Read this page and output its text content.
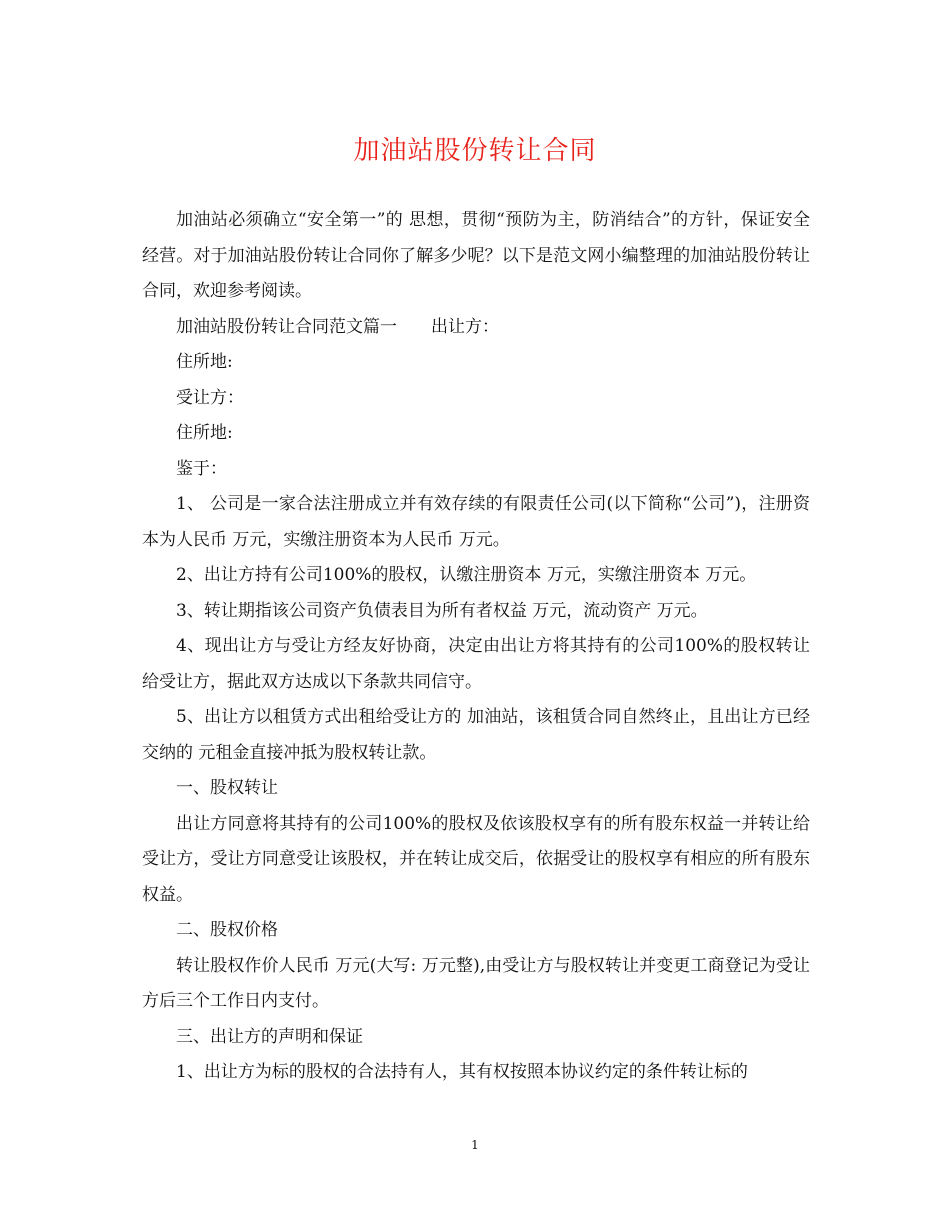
加油站股份转让合同

加油站必须确立“安全第一”的 思想，贯彻“预防为主，防消结合”的方针，保证安全经营。对于加油站股份转让合同你了解多少呢？以下是范文网小编整理的加油站股份转让合同，欢迎参考阅读。

加油站股份转让合同范文篇一　　出让方：

住所地:

受让方：

住所地:

鉴于：

1、 公司是一家合法注册成立并有效存续的有限责任公司(以下简称“公司”)，注册资本为人民币 万元，实缴注册资本为人民币 万元。

2、出让方持有公司100%的股权，认缴注册资本 万元，实缴注册资本 万元。

3、转让期指该公司资产负债表目为所有者权益 万元，流动资产 万元。

4、现出让方与受让方经友好协商，决定由出让方将其持有的公司100%的股权转让给受让方，据此双方达成以下条款共同信守。

5、出让方以租赁方式出租给受让方的 加油站，该租赁合同自然终止，且出让方已经交纳的 元租金直接冲抵为股权转让款。

一、股权转让

出让方同意将其持有的公司100%的股权及依该股权享有的所有股东权益一并转让给受让方，受让方同意受让该股权，并在转让成交后，依据受让的股权享有相应的所有股东权益。

二、股权价格

转让股权作价人民币 万元(大写: 万元整),由受让方与股权转让并变更工商登记为受让方后三个工作日内支付。

三、出让方的声明和保证

1、出让方为标的股权的合法持有人，其有权按照本协议约定的条件转让标的

1
